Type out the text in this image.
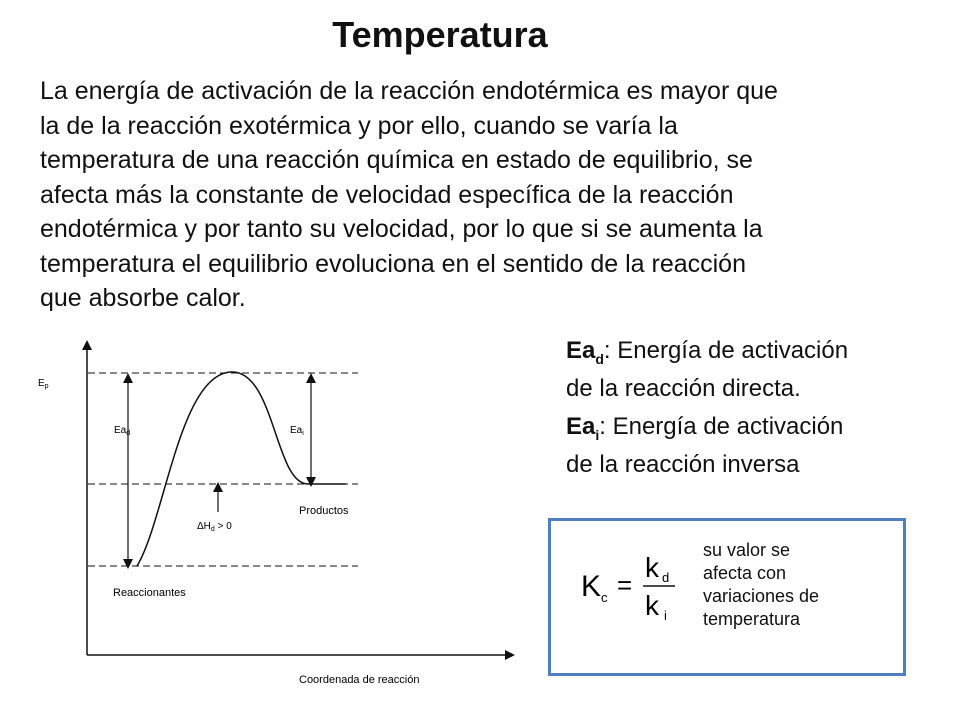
Temperatura

La energía de activación de la reacción endotérmica es mayor que
la de la reacción exotérmica y por ello, cuando se varía la
temperatura de una reacción química en estado de equilibrio, se
afecta más la constante de velocidad específica de la reacción
endotérmica y por tanto su velocidad, por lo que si se aumenta la
temperatura el equilibrio evoluciona en el sentido de la reacción
que absorbe calor.

$E_p$
$Ea_d$	$Ea_i$
$\Delta H_d > 0$
Productos
Reaccionantes
Coordenada de reacción
$Ea_d$: Energía de activación
de la reacción directa.
$Ea_i$: Energía de activación
de la reacción inversa
K c =
k d
k i
su valor se
afecta con
variaciones de
temperatura
